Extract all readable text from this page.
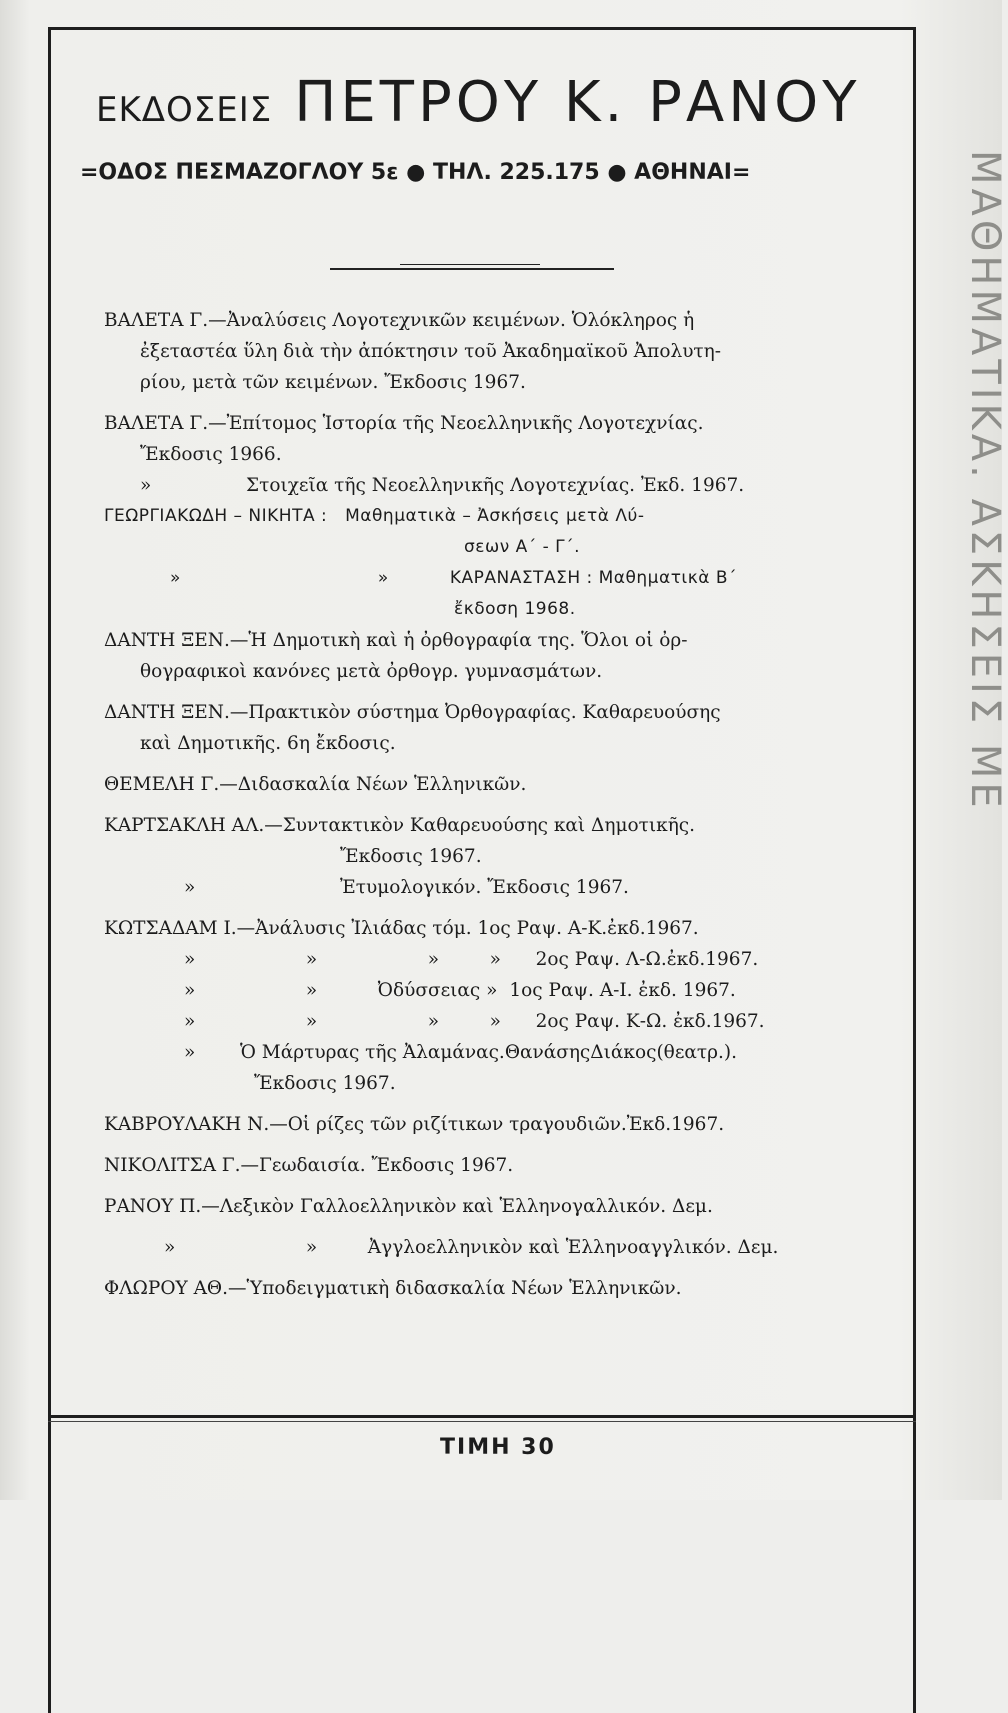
ΕΚΔΟΣΕΙΣ ΠΕΤΡΟΥ Κ. ΡΑΝΟΥ
=ΟΔΟΣ ΠΕΣΜΑΖΟΓΛΟΥ 5ε ● ΤΗΛ. 225.175 ● ΑΘΗΝΑΙ=	ΜΑΘΗΜΑΤΙΚΑ. ΑΣΚΗΣΕΙΣ ΜΕ
ΒΑΛΕΤΑ Γ.—Ἀναλύσεις Λογοτεχνικῶν κειμένων. Ὁλόκληρος ἡ
ἐξεταστέα ὕλη διὰ τὴν ἀπόκτησιν τοῦ Ἀκαδημαϊκοῦ Ἀπολυτη-
ρίου, μετὰ τῶν κειμένων. Ἔκδοσις 1967.
ΒΑΛΕΤΑ Γ.—Ἐπίτομος Ἱστορία τῆς Νεοελληνικῆς Λογοτεχνίας.
Ἔκδοσις 1966.
»	Στοιχεῖα τῆς Νεοελληνικῆς Λογοτεχνίας. Ἐκδ. 1967.
ΓΕΩΡΓΙΑΚΩΔΗ – ΝΙΚΗΤΑ : Μαθηματικὰ – Ἀσκήσεις μετὰ Λύ-
σεων Α΄ - Γ΄.
»	»	ΚΑΡΑΝΑΣΤΑΣΗ : Μαθηματικὰ Β΄
ἔκδοση 1968.
ΔΑΝΤΗ ΞΕΝ.—Ἡ Δημοτικὴ καὶ ἡ ὀρθογραφία της. Ὅλοι οἱ ὀρ-
θογραφικοὶ κανόνες μετὰ ὀρθογρ. γυμνασμάτων.
ΔΑΝΤΗ ΞΕΝ.—Πρακτικὸν σύστημα Ὀρθογραφίας. Καθαρευούσης
καὶ Δημοτικῆς. 6η ἔκδοσις.
ΘΕΜΕΛΗ Γ.—Διδασκαλία Νέων Ἑλληνικῶν.
ΚΑΡΤΣΑΚΛΗ ΑΛ.—Συντακτικὸν Καθαρευούσης καὶ Δημοτικῆς.
Ἔκδοσις 1967.
»	Ἐτυμολογικόν. Ἔκδοσις 1967.
ΚΩΤΣΑΔΑΜ Ι.—Ἀνάλυσις Ἰλιάδας τόμ. 1ος Ραψ. Α-Κ.ἐκδ.1967.
»	»	»	» 2ος Ραψ. Λ-Ω.ἐκδ.1967.
»	»	Ὀδύσσειας » 1ος Ραψ. Α-Ι. ἐκδ. 1967.
»	»	»	» 2ος Ραψ. Κ-Ω. ἐκδ.1967.
» Ὁ Μάρτυρας τῆς Ἀλαμάνας.ΘανάσηςΔιάκος(θεατρ.).
Ἔκδοσις 1967.
ΚΑΒΡΟΥΛΑΚΗ Ν.—Οἱ ρίζες τῶν ριζίτικων τραγουδιῶν.Ἐκδ.1967.
ΝΙΚΟΛΙΤΣΑ Γ.—Γεωδαισία. Ἔκδοσις 1967.
ΡΑΝΟΥ Π.—Λεξικὸν Γαλλοελληνικὸν καὶ Ἑλληνογαλλικόν. Δεμ.
»	»	Ἀγγλοελληνικὸν καὶ Ἑλληνοαγγλικόν. Δεμ.
ΦΛΩΡΟΥ ΑΘ.—Ὑποδειγματικὴ διδασκαλία Νέων Ἑλληνικῶν.
ΤΙΜΗ 30
